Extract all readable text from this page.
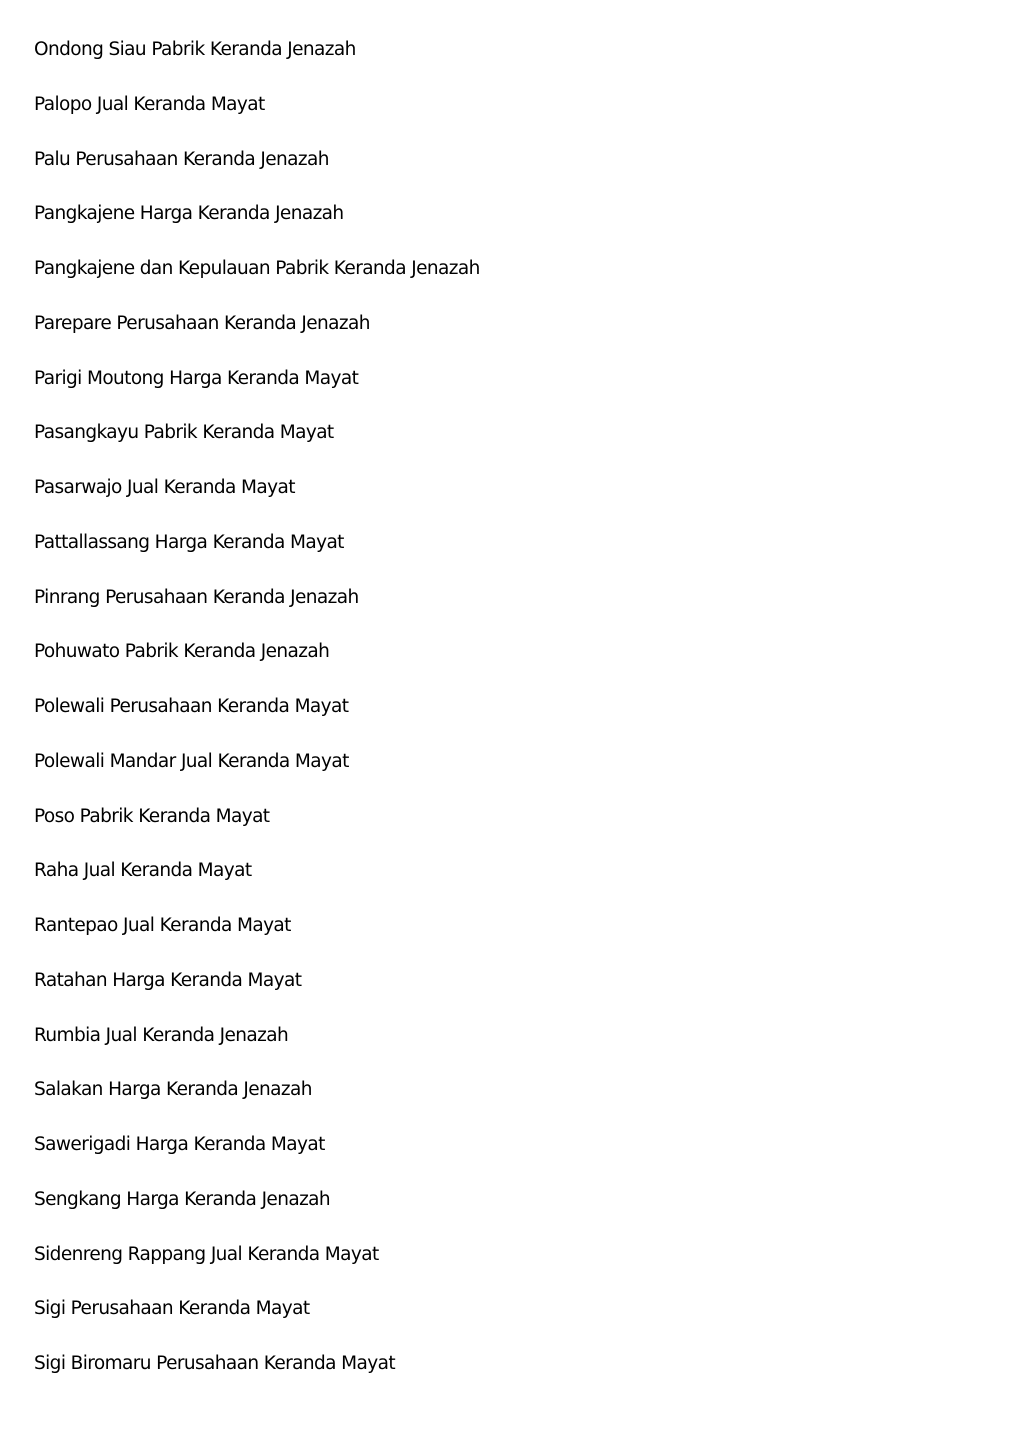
Ondong Siau Pabrik Keranda Jenazah
Palopo Jual Keranda Mayat
Palu Perusahaan Keranda Jenazah
Pangkajene Harga Keranda Jenazah
Pangkajene dan Kepulauan Pabrik Keranda Jenazah
Parepare Perusahaan Keranda Jenazah
Parigi Moutong Harga Keranda Mayat
Pasangkayu Pabrik Keranda Mayat
Pasarwajo Jual Keranda Mayat
Pattallassang Harga Keranda Mayat
Pinrang Perusahaan Keranda Jenazah
Pohuwato Pabrik Keranda Jenazah
Polewali Perusahaan Keranda Mayat
Polewali Mandar Jual Keranda Mayat
Poso Pabrik Keranda Mayat
Raha Jual Keranda Mayat
Rantepao Jual Keranda Mayat
Ratahan Harga Keranda Mayat
Rumbia Jual Keranda Jenazah
Salakan Harga Keranda Jenazah
Sawerigadi Harga Keranda Mayat
Sengkang Harga Keranda Jenazah
Sidenreng Rappang Jual Keranda Mayat
Sigi Perusahaan Keranda Mayat
Sigi Biromaru Perusahaan Keranda Mayat
